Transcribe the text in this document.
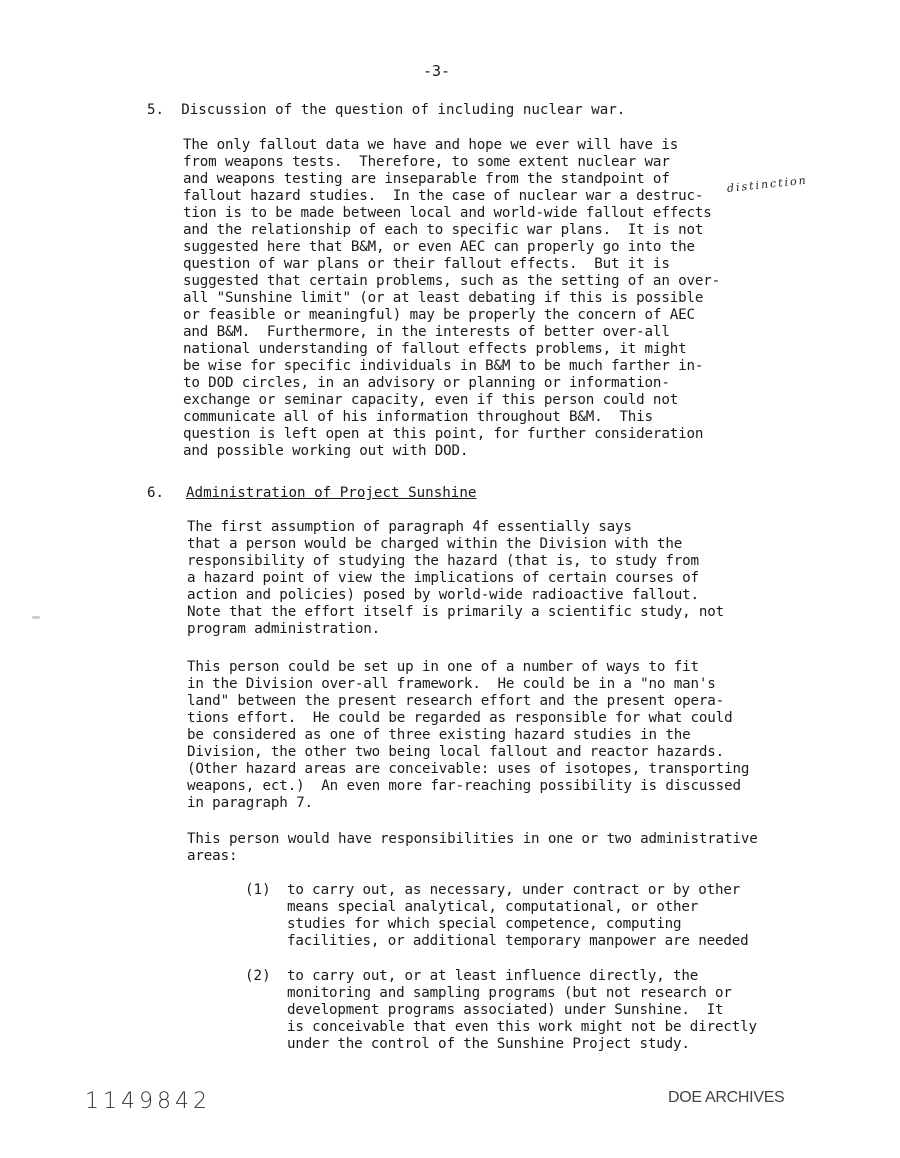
-3-
5. Discussion of the question of including nuclear war.
The only fallout data we have and hope we ever will have is
from weapons tests.  Therefore, to some extent nuclear war
and weapons testing are inseparable from the standpoint of
fallout hazard studies.  In the case of nuclear war a destruc-
tion is to be made between local and world-wide fallout effects
and the relationship of each to specific war plans.  It is not
suggested here that B&M, or even AEC can properly go into the
question of war plans or their fallout effects.  But it is
suggested that certain problems, such as the setting of an over-
all "Sunshine limit" (or at least debating if this is possible
or feasible or meaningful) may be properly the concern of AEC
and B&M.  Furthermore, in the interests of better over-all
national understanding of fallout effects problems, it might
be wise for specific individuals in B&M to be much farther in-
to DOD circles, in an advisory or planning or information-
exchange or seminar capacity, even if this person could not
communicate all of his information throughout B&M.  This
question is left open at this point, for further consideration
and possible working out with DOD.
distinction
6. Administration of Project Sunshine
The first assumption of paragraph 4f essentially says
that a person would be charged within the Division with the
responsibility of studying the hazard (that is, to study from
a hazard point of view the implications of certain courses of
action and policies) posed by world-wide radioactive fallout.
Note that the effort itself is primarily a scientific study, not
program administration.
This person could be set up in one of a number of ways to fit
in the Division over-all framework.  He could be in a "no man's
land" between the present research effort and the present opera-
tions effort.  He could be regarded as responsible for what could
be considered as one of three existing hazard studies in the
Division, the other two being local fallout and reactor hazards.
(Other hazard areas are conceivable: uses of isotopes, transporting
weapons, ect.)  An even more far-reaching possibility is discussed
in paragraph 7.
This person would have responsibilities in one or two administrative
areas:
(1) to carry out, as necessary, under contract or by other
means special analytical, computational, or other
studies for which special competence, computing
facilities, or additional temporary manpower are needed
(2) to carry out, or at least influence directly, the
monitoring and sampling programs (but not research or
development programs associated) under Sunshine.  It
is conceivable that even this work might not be directly
under the control of the Sunshine Project study.
1149842	DOE ARCHIVES
